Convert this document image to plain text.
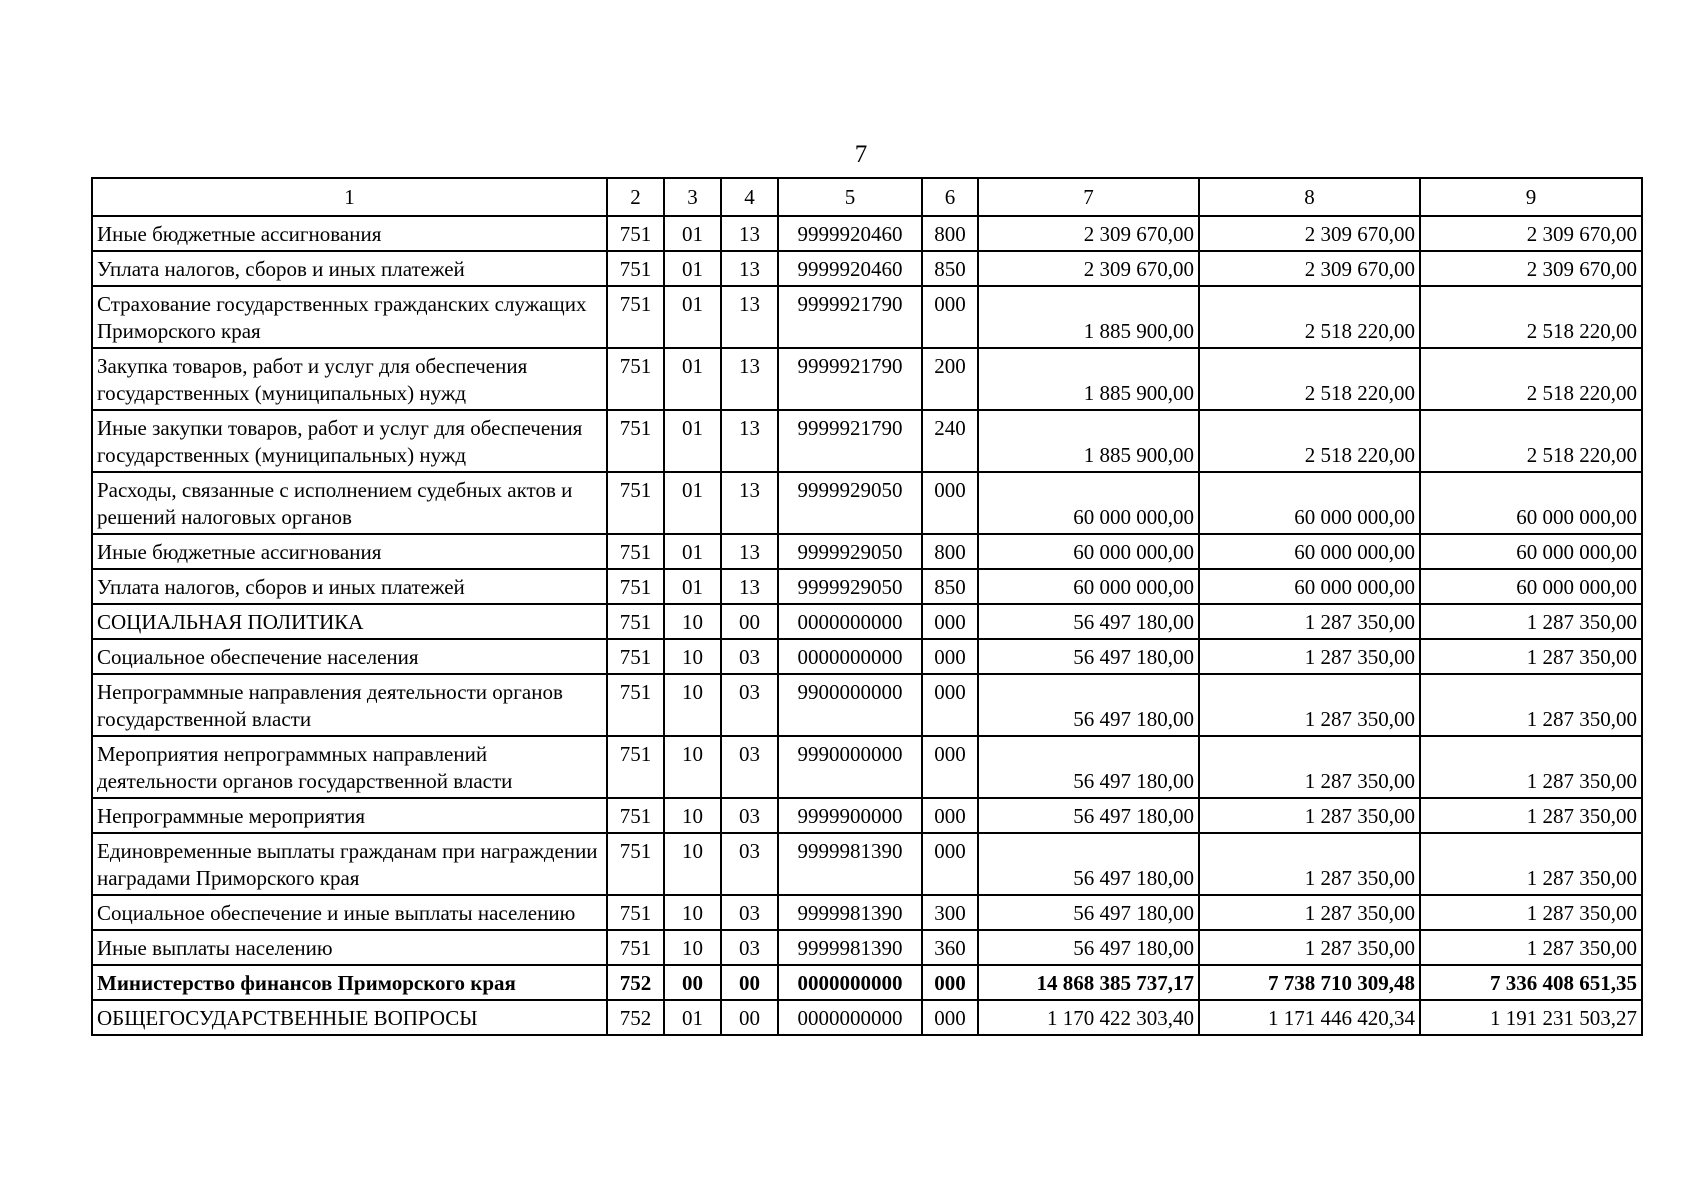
7
1	2	3	4	5	6	7	8	9
Иные бюджетные ассигнования	751	01	13	9999920460	800	2 309 670,00	2 309 670,00	2 309 670,00
Уплата налогов, сборов и иных платежей	751	01	13	9999920460	850	2 309 670,00	2 309 670,00	2 309 670,00
Страхование государственных гражданских служащих Приморского края	751	01	13	9999921790	000	1 885 900,00	2 518 220,00	2 518 220,00
Закупка товаров, работ и услуг для обеспечения государственных (муниципальных) нужд	751	01	13	9999921790	200	1 885 900,00	2 518 220,00	2 518 220,00
Иные закупки товаров, работ и услуг для обеспечения государственных (муниципальных) нужд	751	01	13	9999921790	240	1 885 900,00	2 518 220,00	2 518 220,00
Расходы, связанные с исполнением судебных актов и решений налоговых органов	751	01	13	9999929050	000	60 000 000,00	60 000 000,00	60 000 000,00
Иные бюджетные ассигнования	751	01	13	9999929050	800	60 000 000,00	60 000 000,00	60 000 000,00
Уплата налогов, сборов и иных платежей	751	01	13	9999929050	850	60 000 000,00	60 000 000,00	60 000 000,00
СОЦИАЛЬНАЯ ПОЛИТИКА	751	10	00	0000000000	000	56 497 180,00	1 287 350,00	1 287 350,00
Социальное обеспечение населения	751	10	03	0000000000	000	56 497 180,00	1 287 350,00	1 287 350,00
Непрограммные направления деятельности органов государственной власти	751	10	03	9900000000	000	56 497 180,00	1 287 350,00	1 287 350,00
Мероприятия непрограммных направлений деятельности органов государственной власти	751	10	03	9990000000	000	56 497 180,00	1 287 350,00	1 287 350,00
Непрограммные мероприятия	751	10	03	9999900000	000	56 497 180,00	1 287 350,00	1 287 350,00
Единовременные выплаты гражданам при награждении наградами Приморского края	751	10	03	9999981390	000	56 497 180,00	1 287 350,00	1 287 350,00
Социальное обеспечение и иные выплаты населению	751	10	03	9999981390	300	56 497 180,00	1 287 350,00	1 287 350,00
Иные выплаты населению	751	10	03	9999981390	360	56 497 180,00	1 287 350,00	1 287 350,00
Министерство финансов Приморского края	752	00	00	0000000000	000	14 868 385 737,17	7 738 710 309,48	7 336 408 651,35
ОБЩЕГОСУДАРСТВЕННЫЕ ВОПРОСЫ	752	01	00	0000000000	000	1 170 422 303,40	1 171 446 420,34	1 191 231 503,27
